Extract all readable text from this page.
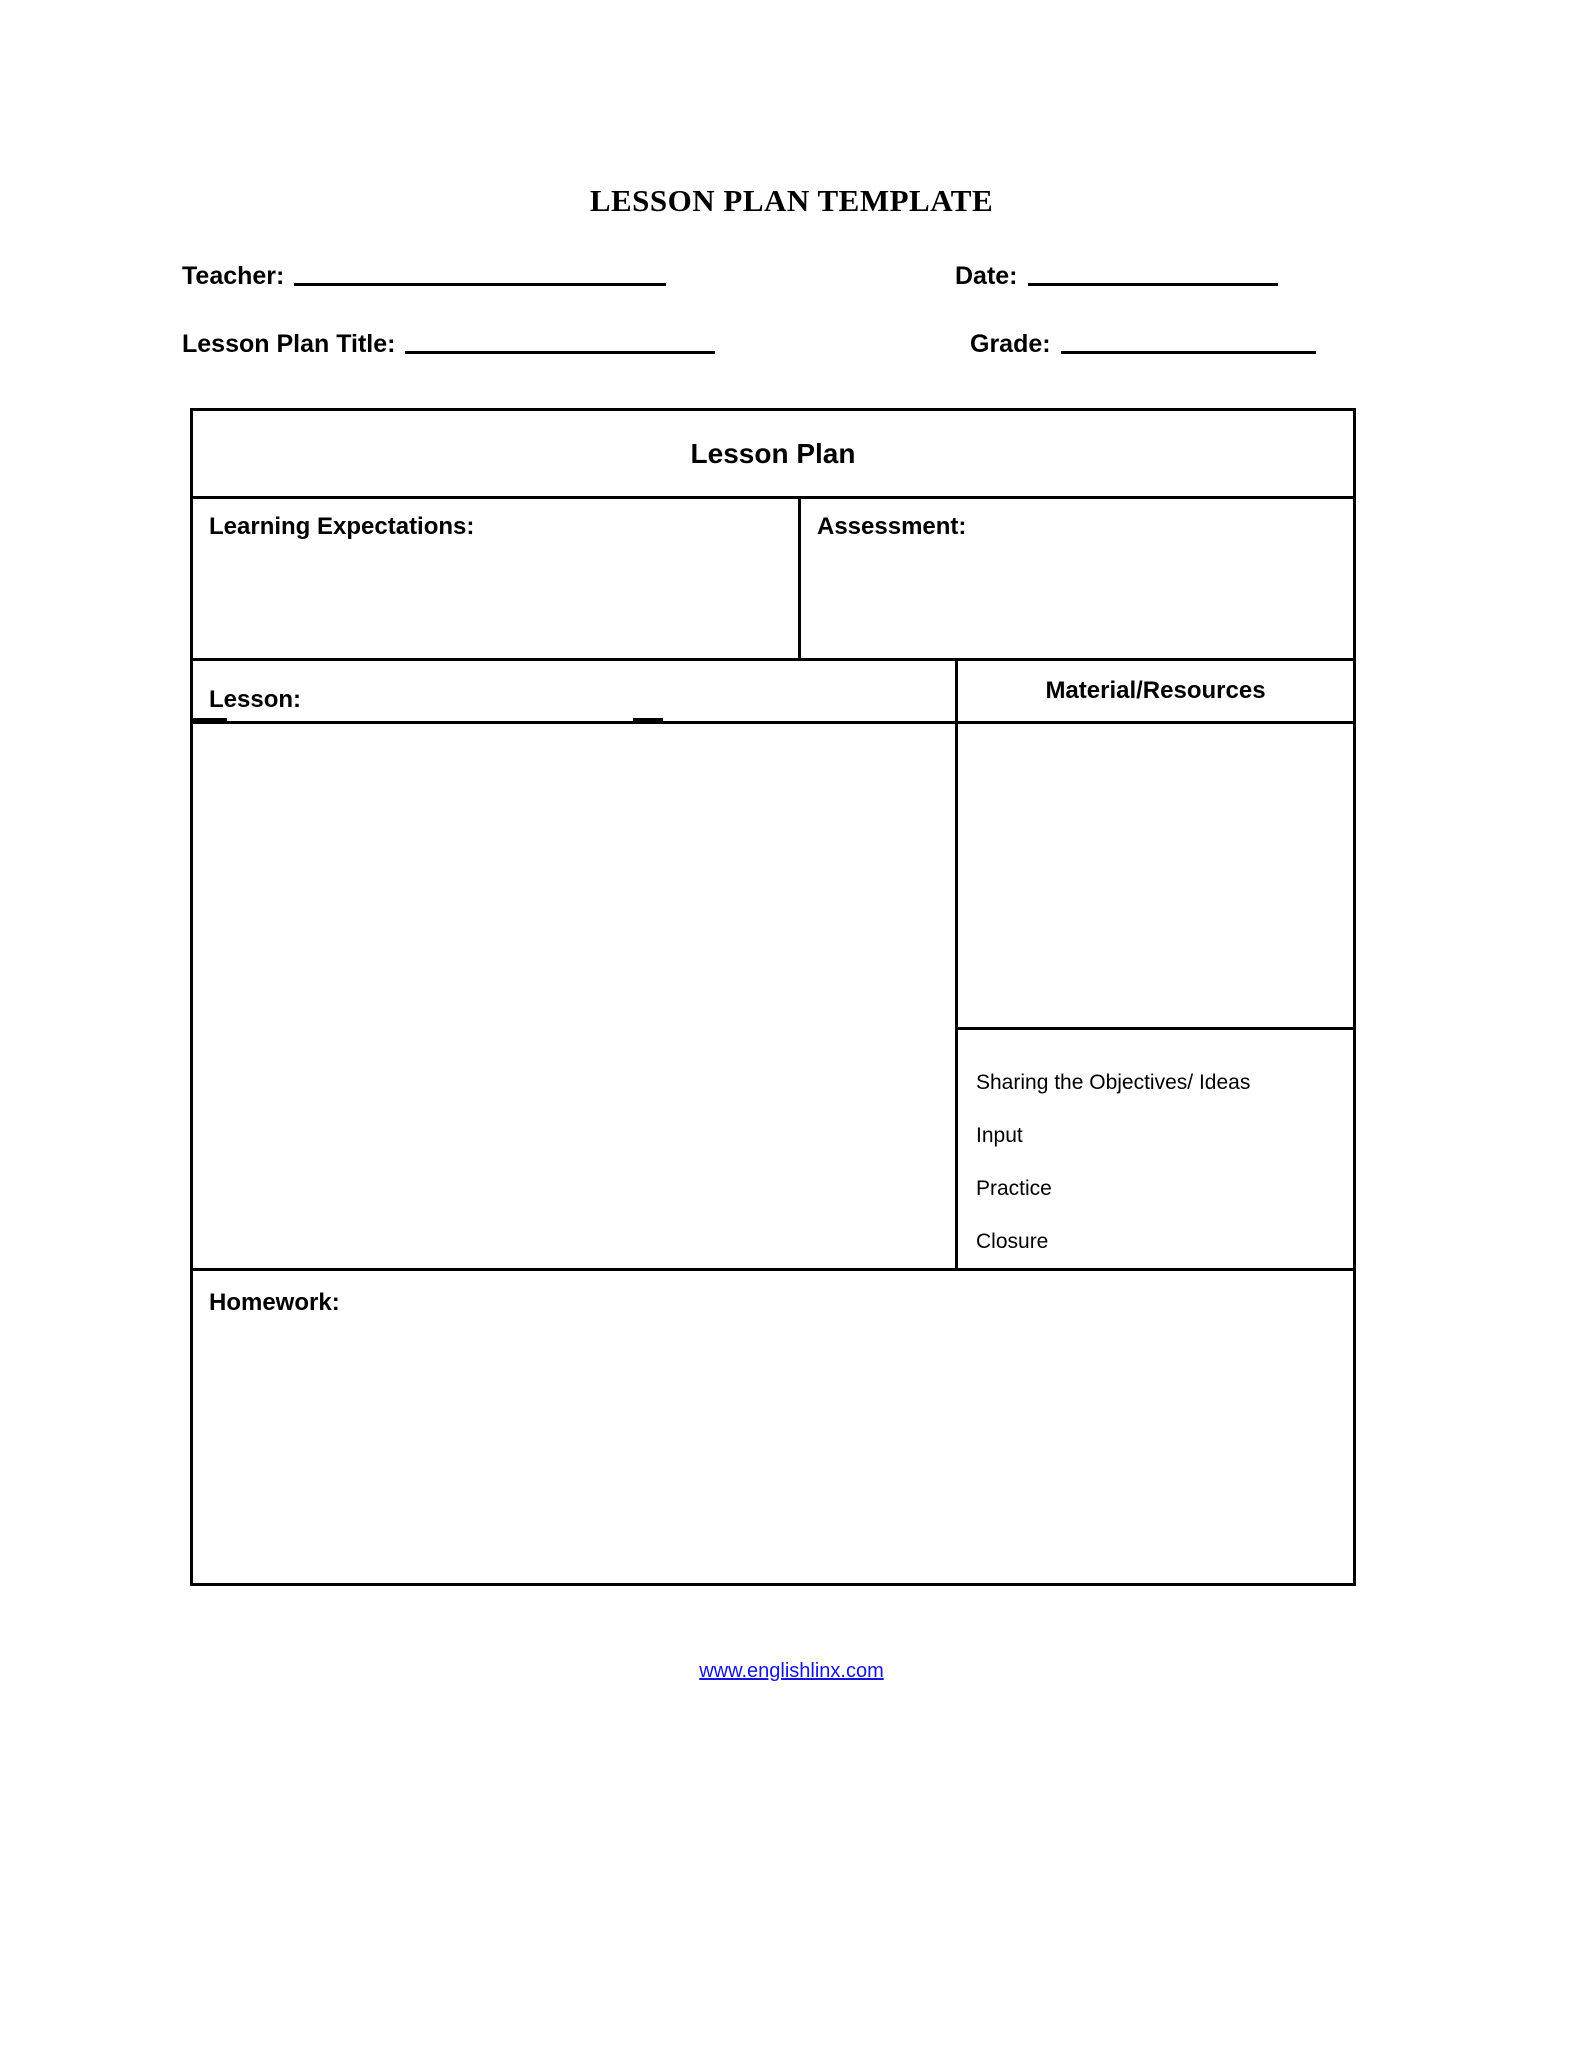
LESSON PLAN TEMPLATE
Teacher:	Date:
Lesson Plan Title:	Grade:
Lesson Plan
Learning Expectations:	Assessment:
Lesson:	Material/Resources
Sharing the Objectives/ Ideas
Input
Practice
Closure
Homework:
www.englishlinx.com
